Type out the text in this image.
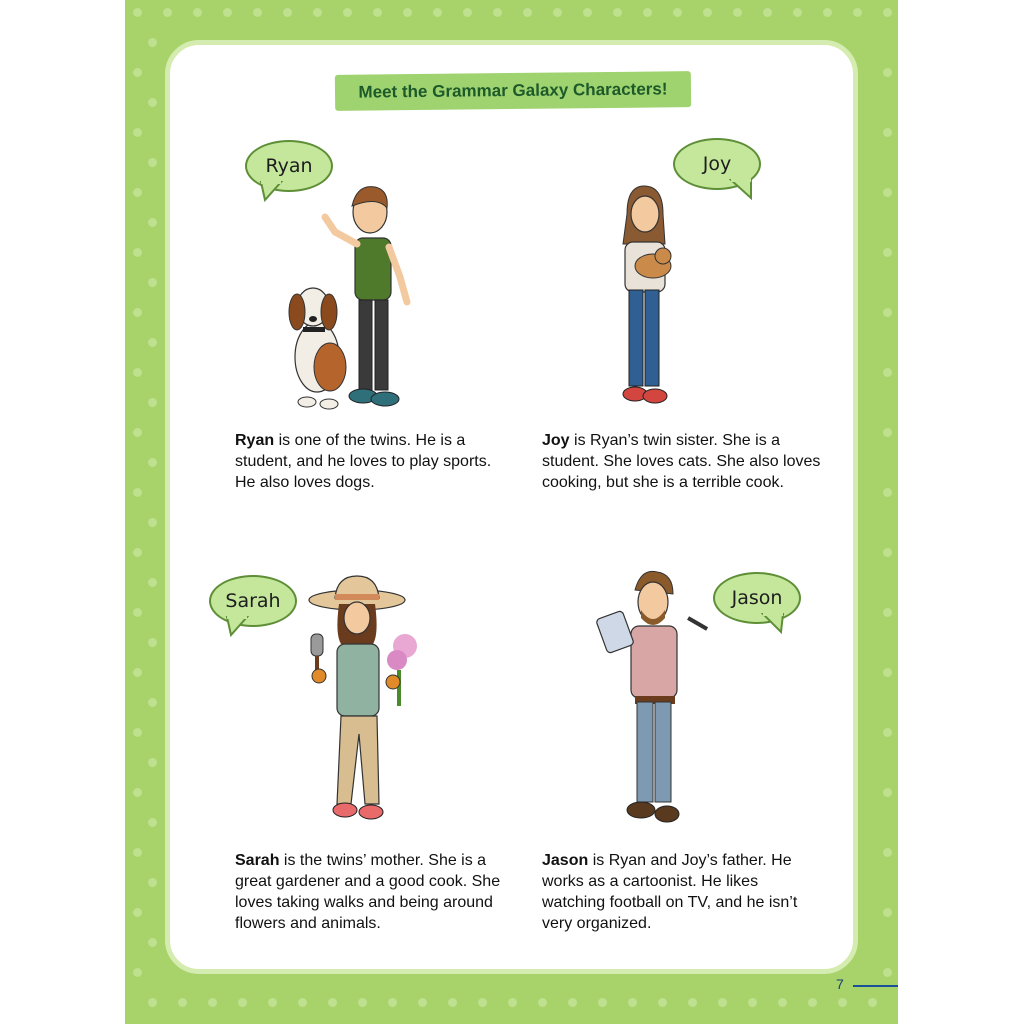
Meet the Grammar Galaxy Characters!
Ryan	Joy
Sarah	Jason
Ryan is one of the twins. He is a student, and he loves to play sports. He also loves dogs.
Joy is Ryan’s twin sister. She is a student. She loves cats. She also loves cooking, but she is a terrible cook.
Sarah is the twins’ mother. She is a great gardener and a good cook. She loves taking walks and being around flowers and animals.
Jason is Ryan and Joy’s father. He works as a cartoonist. He likes watching football on TV, and he isn’t very organized.
7
